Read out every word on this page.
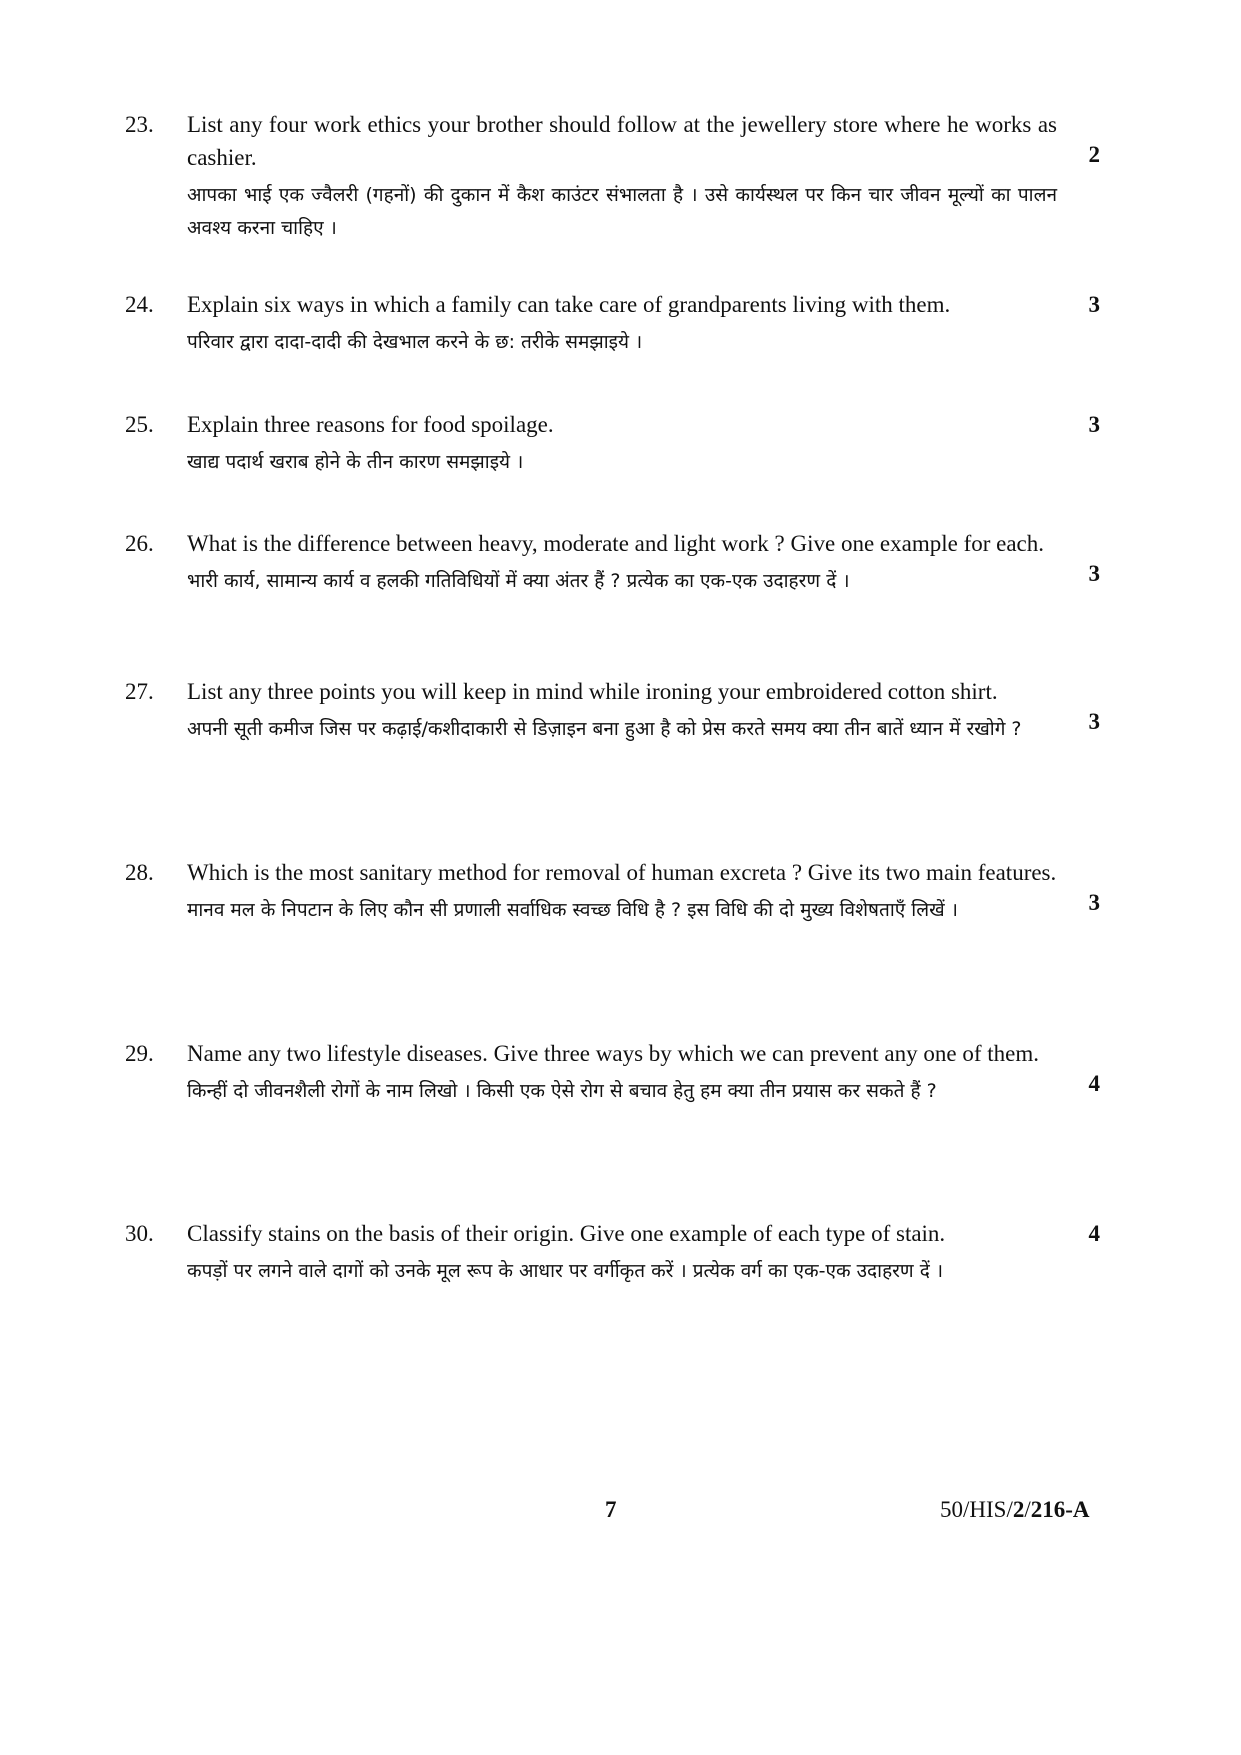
23. List any four work ethics your brother should follow at the jewellery store where he works as cashier.

आपका भाई एक ज्वैलरी (गहनों) की दुकान में कैश काउंटर संभालता है । उसे कार्यस्थल पर किन चार जीवन मूल्यों का पालन अवश्य करना चाहिए ।

2
24. Explain six ways in which a family can take care of grandparents living with them.

परिवार द्वारा दादा-दादी की देखभाल करने के छ: तरीके समझाइये ।

3
25. Explain three reasons for food spoilage.

खाद्य पदार्थ खराब होने के तीन कारण समझाइये ।

3
26. What is the difference between heavy, moderate and light work ? Give one example for each.

भारी कार्य, सामान्य कार्य व हलकी गतिविधियों में क्या अंतर हैं ? प्रत्येक का एक-एक उदाहरण दें ।	3
27. List any three points you will keep in mind while ironing your embroidered cotton shirt.

अपनी सूती कमीज जिस पर कढ़ाई/कशीदाकारी से डिज़ाइन बना हुआ है को प्रेस करते समय क्या तीन बातें ध्यान में रखोगे ?	3
28. Which is the most sanitary method for removal of human excreta ? Give its two main features.

मानव मल के निपटान के लिए कौन सी प्रणाली सर्वाधिक स्वच्छ विधि है ? इस विधि की दो मुख्य विशेषताएँ लिखें ।	3
29. Name any two lifestyle diseases. Give three ways by which we can prevent any one of them.

किन्हीं दो जीवनशैली रोगों के नाम लिखो । किसी एक ऐसे रोग से बचाव हेतु हम क्या तीन प्रयास कर सकते हैं ?	4
30. Classify stains on the basis of their origin. Give one example of each type of stain.

कपड़ों पर लगने वाले दागों को उनके मूल रूप के आधार पर वर्गीकृत करें । प्रत्येक वर्ग का एक-एक उदाहरण दें ।

4
7	50/HIS/2/216-A
